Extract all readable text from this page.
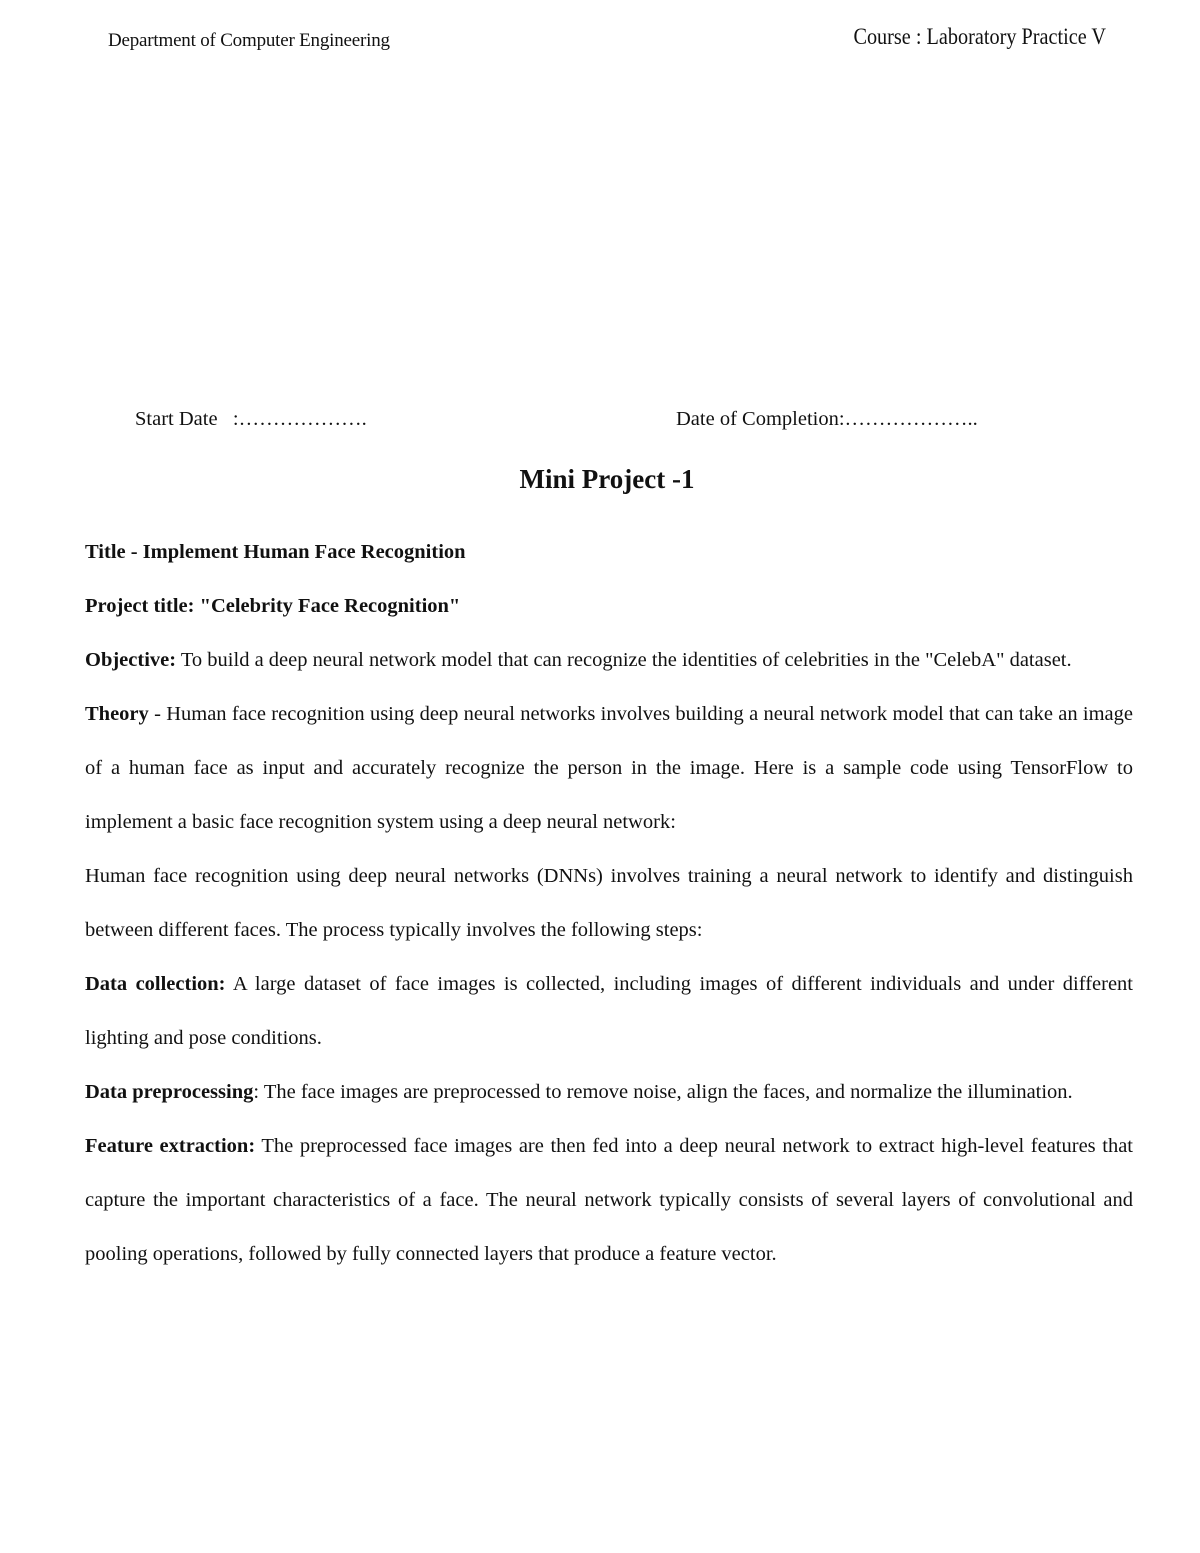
Department of Computer Engineering	Course : Laboratory Practice V
Start Date :……………….	Date of Completion:………………..
Mini Project -1

Title - Implement Human Face Recognition

Project title: "Celebrity Face Recognition"

Objective: To build a deep neural network model that can recognize the identities of celebrities in the "CelebA" dataset.

Theory - Human face recognition using deep neural networks involves building a neural network model that can take an image of a human face as input and accurately recognize the person in the image. Here is a sample code using TensorFlow to implement a basic face recognition system using a deep neural network:

Human face recognition using deep neural networks (DNNs) involves training a neural network to identify and distinguish between different faces. The process typically involves the following steps:

Data collection: A large dataset of face images is collected, including images of different individuals and under different lighting and pose conditions.

Data preprocessing: The face images are preprocessed to remove noise, align the faces, and normalize the illumination.

Feature extraction: The preprocessed face images are then fed into a deep neural network to extract high-level features that capture the important characteristics of a face. The neural network typically consists of several layers of convolutional and pooling operations, followed by fully connected layers that produce a feature vector.
